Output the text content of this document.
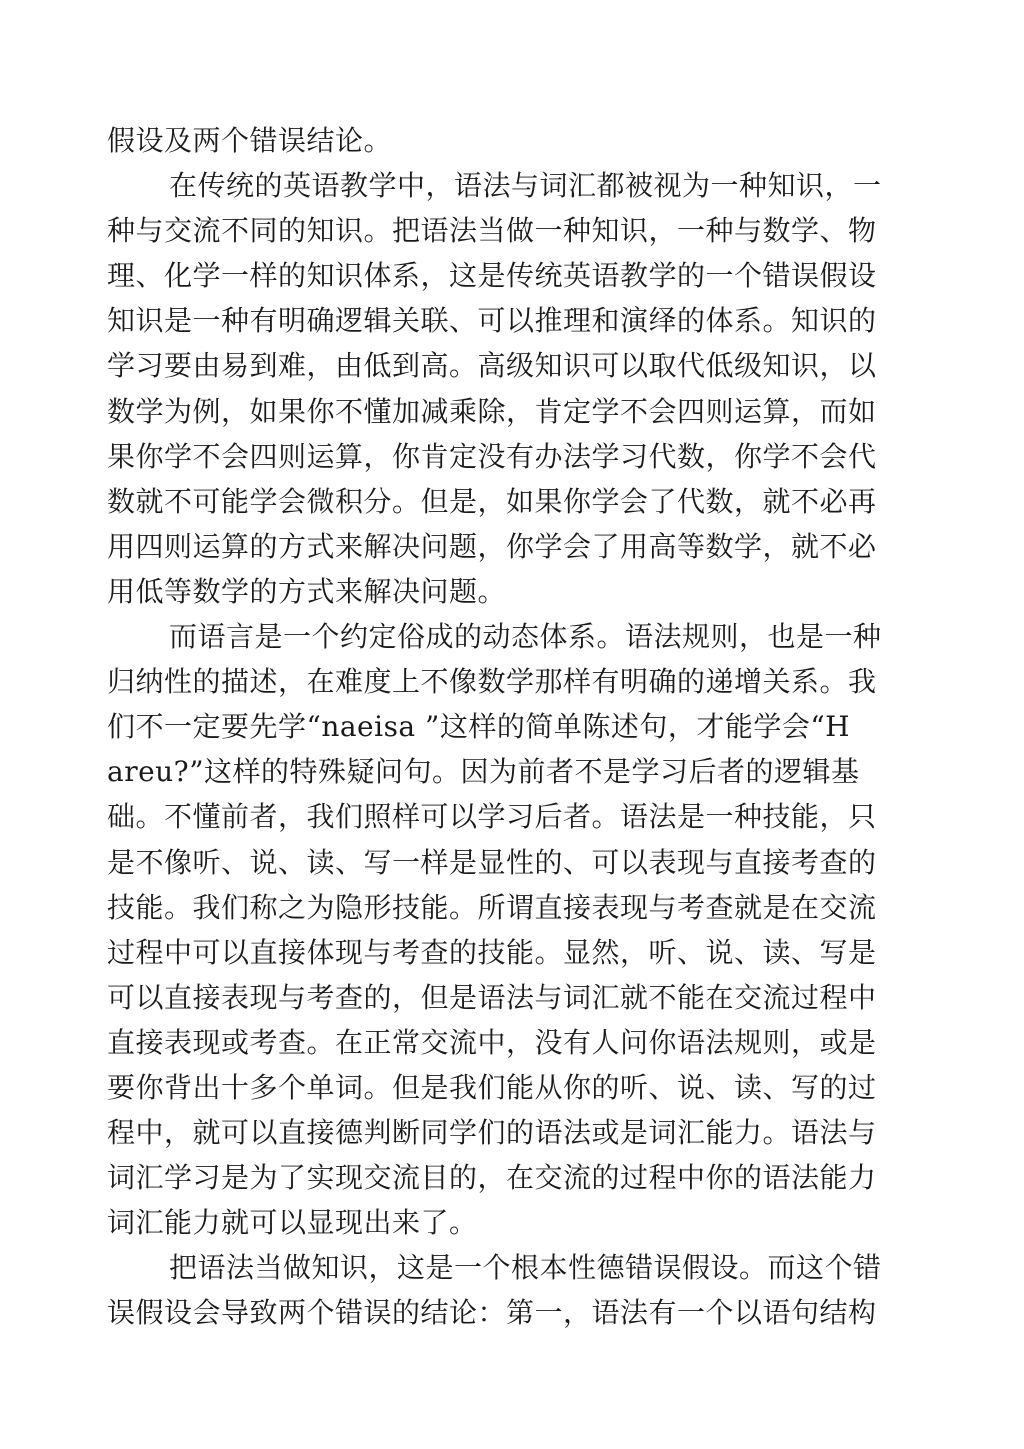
假设及两个错误结论。
在传统的英语教学中，语法与词汇都被视为一种知识，一
种与交流不同的知识。把语法当做一种知识，一种与数学、物
理、化学一样的知识体系，这是传统英语教学的一个错误假设
知识是一种有明确逻辑关联、可以推理和演绎的体系。知识的
学习要由易到难，由低到高。高级知识可以取代低级知识，以
数学为例，如果你不懂加减乘除，肯定学不会四则运算，而如
果你学不会四则运算，你肯定没有办法学习代数，你学不会代
数就不可能学会微积分。但是，如果你学会了代数，就不必再
用四则运算的方式来解决问题，你学会了用高等数学，就不必
用低等数学的方式来解决问题。
而语言是一个约定俗成的动态体系。语法规则，也是一种
归纳性的描述，在难度上不像数学那样有明确的递增关系。我
们不一定要先学“naeisa ”这样的简单陈述句，才能学会“H
areu?”这样的特殊疑问句。因为前者不是学习后者的逻辑基
础。不懂前者，我们照样可以学习后者。语法是一种技能，只
是不像听、说、读、写一样是显性的、可以表现与直接考查的
技能。我们称之为隐形技能。所谓直接表现与考查就是在交流
过程中可以直接体现与考查的技能。显然，听、说、读、写是
可以直接表现与考查的，但是语法与词汇就不能在交流过程中
直接表现或考查。在正常交流中，没有人问你语法规则，或是
要你背出十多个单词。但是我们能从你的听、说、读、写的过
程中，就可以直接德判断同学们的语法或是词汇能力。语法与
词汇学习是为了实现交流目的，在交流的过程中你的语法能力
词汇能力就可以显现出来了。
把语法当做知识，这是一个根本性德错误假设。而这个错
误假设会导致两个错误的结论：第一，语法有一个以语句结构
